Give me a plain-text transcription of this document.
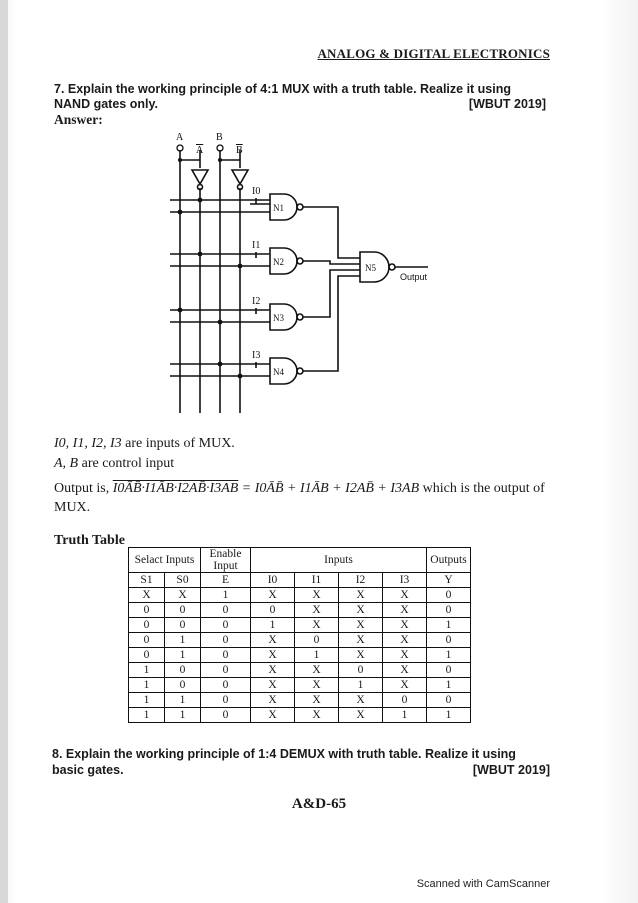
ANALOG & DIGITAL ELECTRONICS
7. Explain the working principle of 4:1 MUX with a truth table. Realize it using
NAND gates only.	[WBUT 2019]
Answer:
A
A
B
B
I0
I1
I2
I3
N1
N2
N3
N4
N5
Output
I0, I1, I2, I3 are inputs of MUX.
A, B are control input
Output is, I0ĀB̄·I1ĀB·I2AB̄·I3AB = I0ĀB̄ + I1ĀB + I2AB̄ + I3AB which is the output of
MUX.
Truth Table
Selact Inputs		Enable Input	Inputs				Outputs
S1	S0	E	I0	I1	I2	I3	Y
X	X	1	X	X	X	X	0
0	0	0	0	X	X	X	0
0	0	0	1	X	X	X	1
0	1	0	X	0	X	X	0
0	1	0	X	1	X	X	1
1	0	0	X	X	0	X	0
1	0	0	X	X	1	X	1
1	1	0	X	X	X	0	0
1	1	0	X	X	X	1	1
8. Explain the working principle of 1:4 DEMUX with truth table. Realize it using
basic gates.	[WBUT 2019]
A&D-65
Scanned with CamScanner
